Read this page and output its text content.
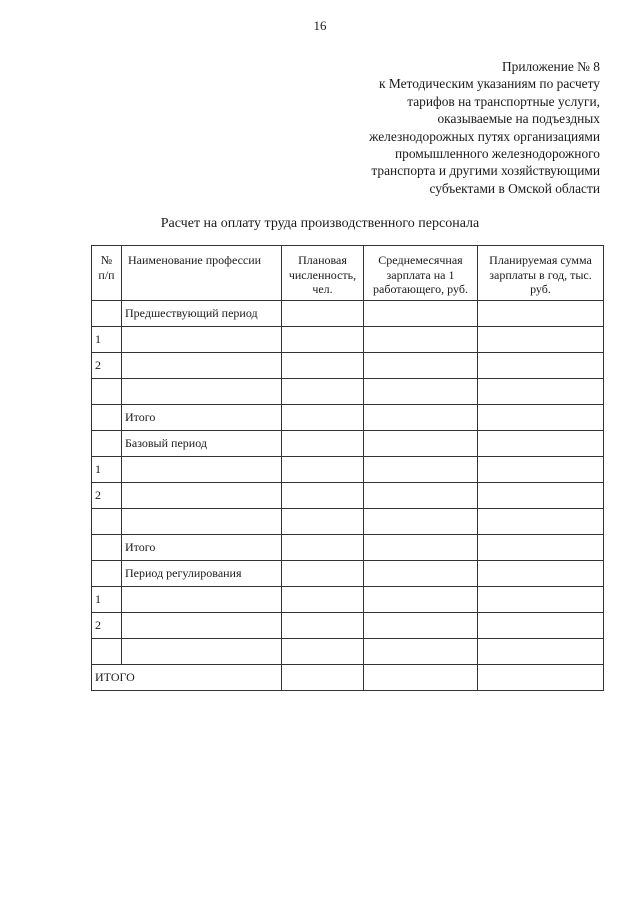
16
Приложение № 8
к Методическим указаниям по расчету
тарифов на транспортные услуги,
оказываемые на подъездных
железнодорожных путях организациями
промышленного железнодорожного
транспорта и другими хозяйствующими
субъектами в Омской области
Расчет на оплату труда производственного персонала
№ п/п	Наименование профессии	Плановая численность, чел.	Среднемесячная зарплата на 1 работающего, руб.	Планируемая сумма зарплаты в год, тыс. руб.
	Предшествующий период			
1				
2				

	Итого			
	Базовый период			
1				
2				

	Итого			
	Период регулирования			
1				
2				

ИТОГО				
